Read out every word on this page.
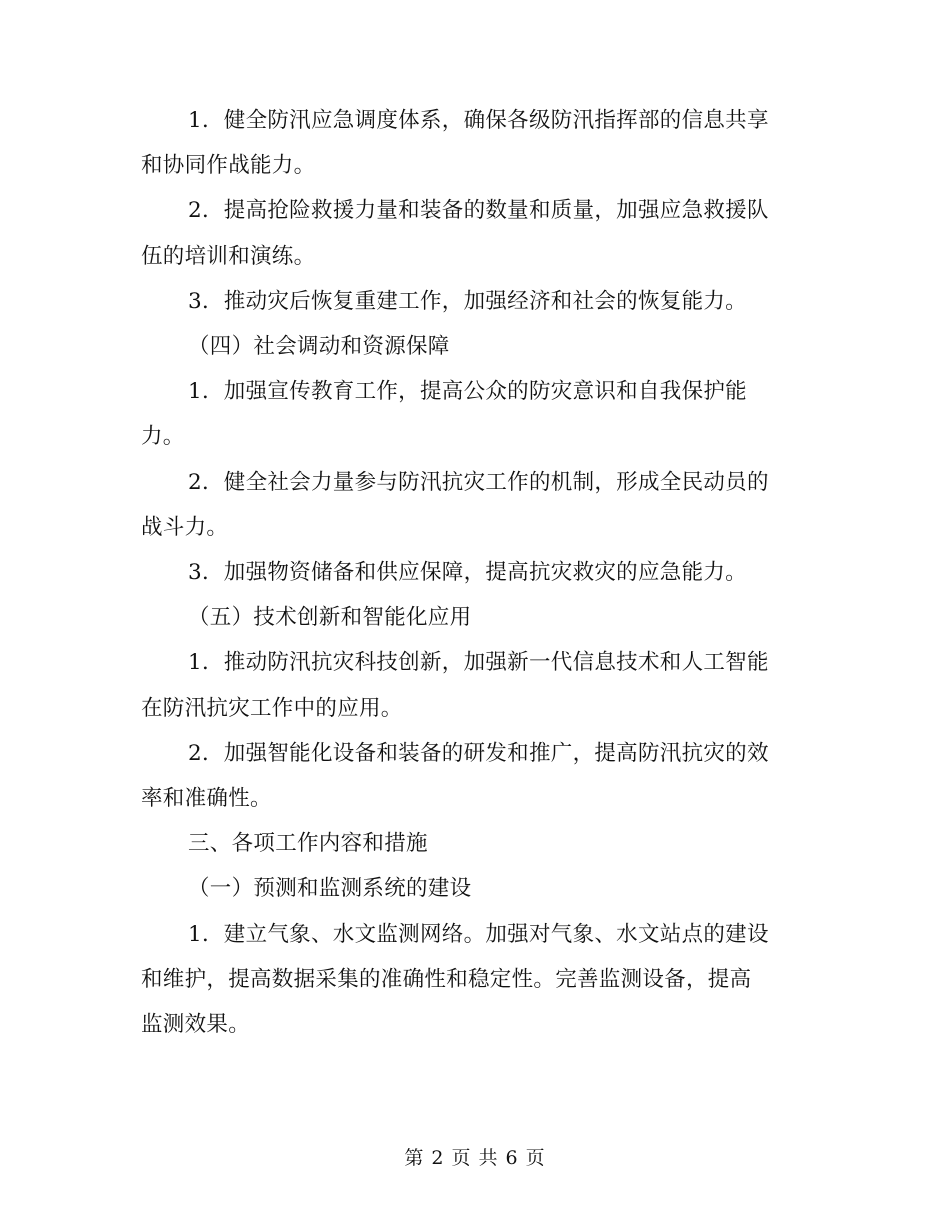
1．健全防汛应急调度体系，确保各级防汛指挥部的信息共享
和协同作战能力。

2．提高抢险救援力量和装备的数量和质量，加强应急救援队
伍的培训和演练。

3．推动灾后恢复重建工作，加强经济和社会的恢复能力。

（四）社会调动和资源保障

1．加强宣传教育工作，提高公众的防灾意识和自我保护能
力。

2．健全社会力量参与防汛抗灾工作的机制，形成全民动员的
战斗力。

3．加强物资储备和供应保障，提高抗灾救灾的应急能力。

（五）技术创新和智能化应用

1．推动防汛抗灾科技创新，加强新一代信息技术和人工智能
在防汛抗灾工作中的应用。

2．加强智能化设备和装备的研发和推广，提高防汛抗灾的效
率和准确性。

三、各项工作内容和措施

（一）预测和监测系统的建设

1．建立气象、水文监测网络。加强对气象、水文站点的建设
和维护，提高数据采集的准确性和稳定性。完善监测设备，提高
监测效果。

第 2 页 共 6 页
